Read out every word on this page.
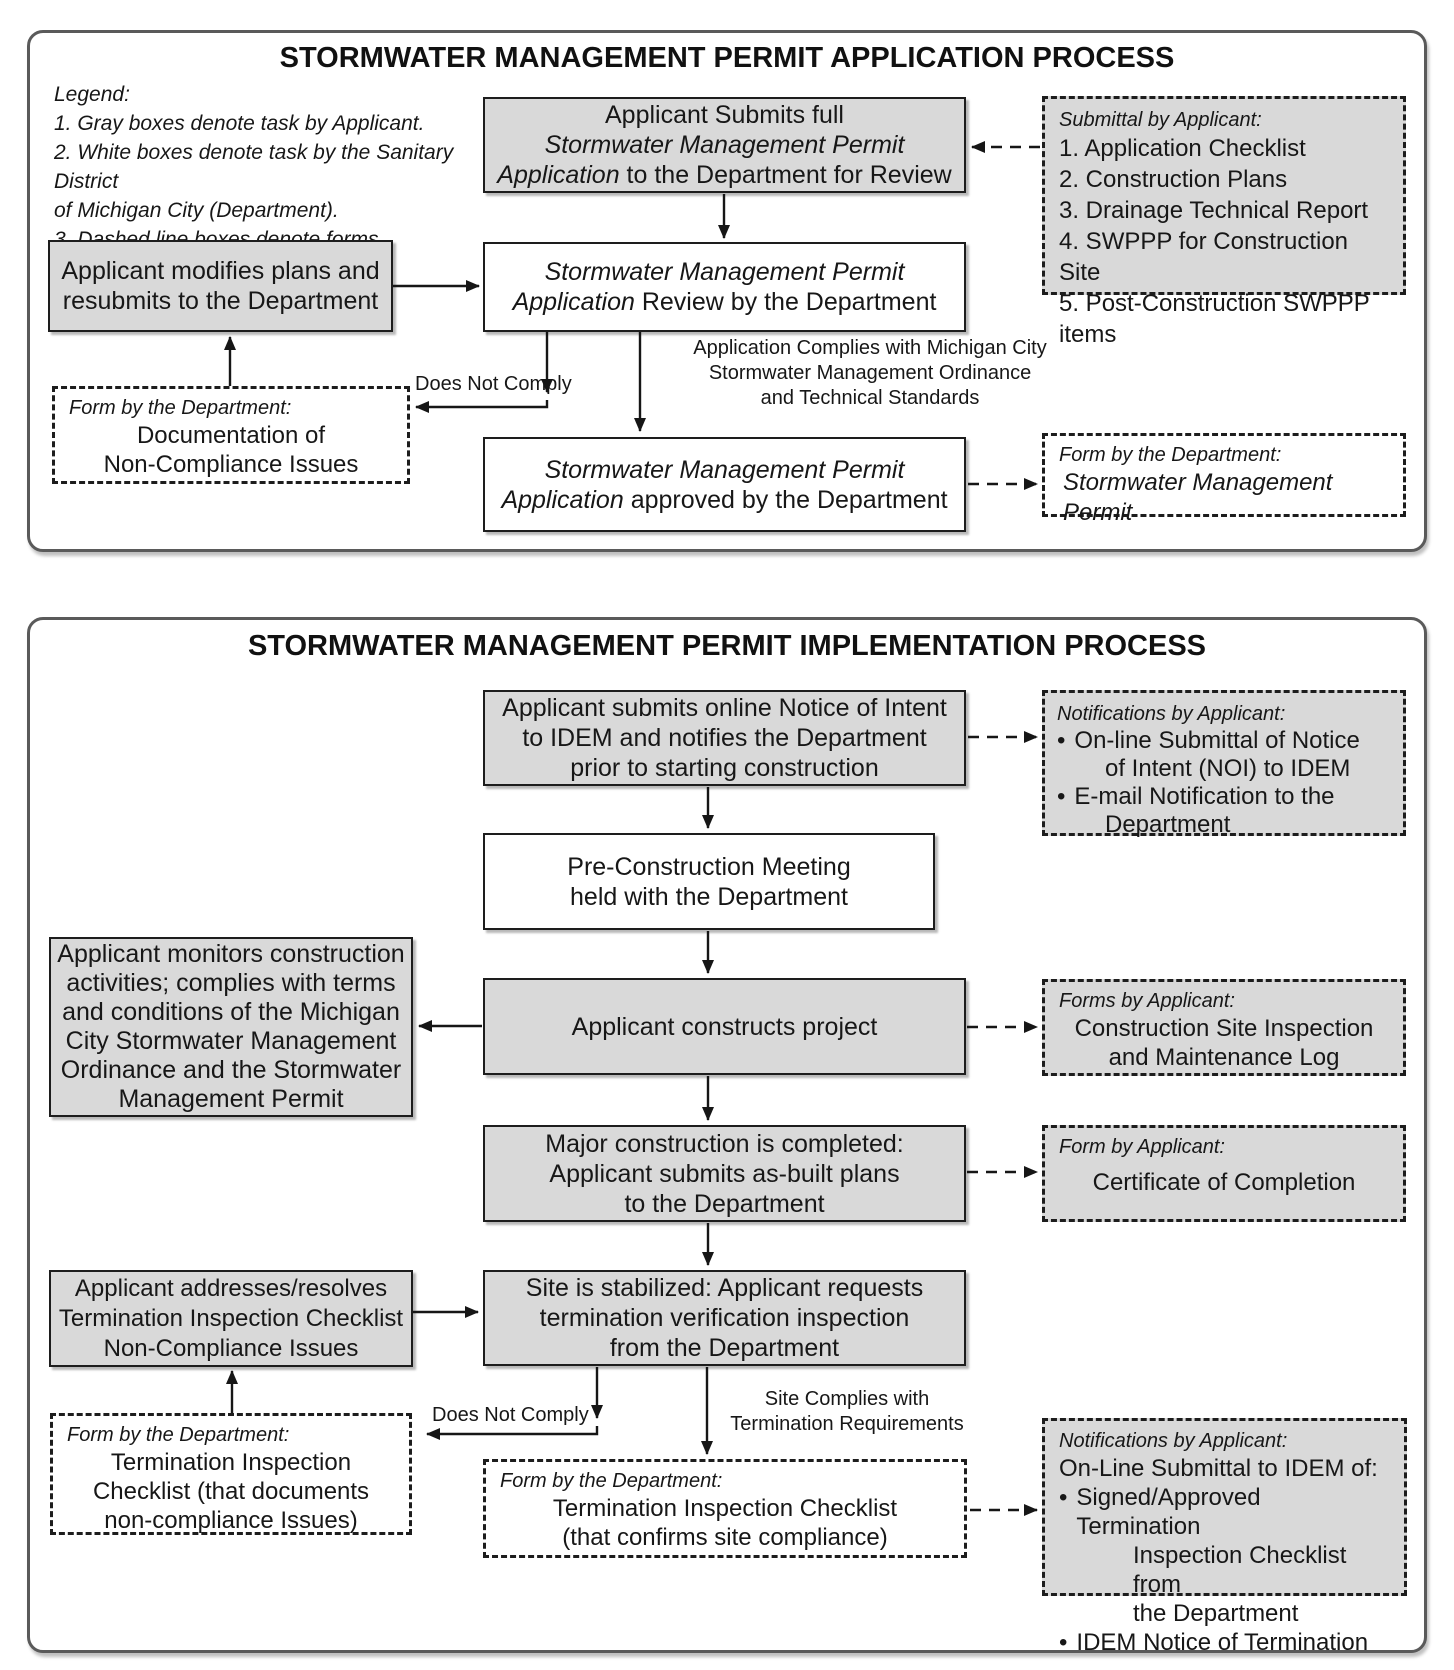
STORMWATER MANAGEMENT PERMIT APPLICATION PROCESS
Legend:
1. Gray boxes denote task by Applicant.
2. White boxes denote task by the Sanitary District
of Michigan City (Department).
Applicant Submits full
Stormwater Management Permit
Application to the Department for Review
Submittal by Applicant:
1. Application Checklist
2. Construction Plans
3. Drainage Technical Report
4. SWPPP for Construction Site
5. Post-Construction SWPPP items
Stormwater Management Permit
Application Review by the Department
Applicant modifies plans and
resubmits to the Department
Form by the Department:
Documentation of
Non-Compliance Issues	Stormwater Management Permit
Application approved by the Department
Form by the Department:
Stormwater Management Permit
Does Not Comply
Application Complies with Michigan City
Stormwater Management Ordinance
and Technical Standards
STORMWATER MANAGEMENT PERMIT IMPLEMENTATION PROCESS
Applicant submits online Notice of Intent
to IDEM and notifies the Department
prior to starting construction
Notifications by Applicant:
•
On-line Submittal of Notice
of Intent (NOI) to IDEM
•
E-mail Notification to the
Department
Pre-Construction Meeting
held with the Department
Applicant monitors construction
activities; complies with terms
and conditions of the Michigan
City Stormwater Management
Ordinance and the Stormwater
Management Permit
Applicant constructs project
Forms by Applicant:
Construction Site Inspection
and Maintenance Log
Major construction is completed:
Applicant submits as-built plans
to the Department
Form by Applicant:
Certificate of Completion
Site is stabilized: Applicant requests
termination verification inspection
from the Department
Applicant addresses/resolves
Termination Inspection Checklist
Non-Compliance Issues
Form by the Department:
Termination Inspection
Checklist (that documents
non-compliance Issues)
Form by the Department:
Termination Inspection Checklist
(that confirms site compliance)
Notifications by Applicant:
On-Line Submittal to IDEM of:
•
Signed/Approved Termination
Inspection Checklist from
the Department
•
IDEM Notice of Termination
Does Not Comply
Site Complies with
Termination Requirements
